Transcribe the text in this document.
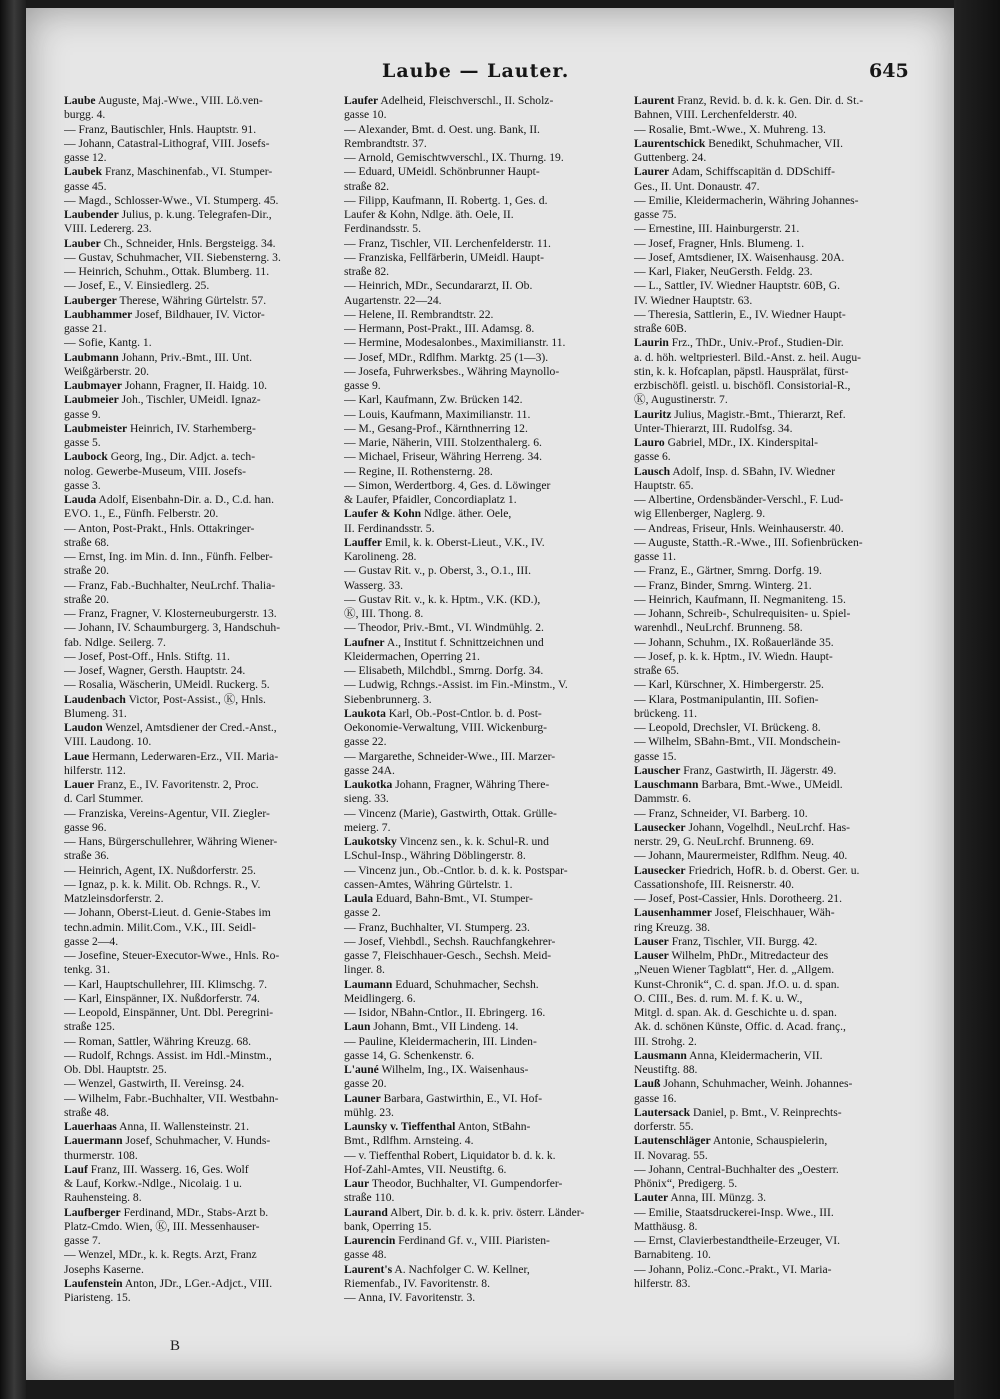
Laube — Lauter.	645
Laube Auguste, Maj.-Wwe., VIII. Lö.ven-
burgg. 4.
— Franz, Bautischler, Hnls. Hauptstr. 91.
— Johann, Catastral-Lithograf, VIII. Josefs-
gasse 12.
Laubek Franz, Maschinenfab., VI. Stumper-
gasse 45.
— Magd., Schlosser-Wwe., VI. Stumperg. 45.
Laubender Julius, p. k.ung. Telegrafen-Dir.,
VIII. Ledererg. 23.
Lauber Ch., Schneider, Hnls. Bergsteigg. 34.
— Gustav, Schuhmacher, VII. Siebensterng. 3.
— Heinrich, Schuhm., Ottak. Blumberg. 11.
— Josef, E., V. Einsiedlerg. 25.
Lauberger Therese, Währing Gürtelstr. 57.
Laubhammer Josef, Bildhauer, IV. Victor-
gasse 21.
— Sofie, Kantg. 1.
Laubmann Johann, Priv.-Bmt., III. Unt.
Weißgärberstr. 20.
Laubmayer Johann, Fragner, II. Haidg. 10.
Laubmeier Joh., Tischler, UMeidl. Ignaz-
gasse 9.
Laubmeister Heinrich, IV. Starhemberg-
gasse 5.
Laubock Georg, Ing., Dir. Adjct. a. tech-
nolog. Gewerbe-Museum, VIII. Josefs-
gasse 3.
Lauda Adolf, Eisenbahn-Dir. a. D., C.d. han.
EVO. 1., E., Fünfh. Felberstr. 20.
— Anton, Post-Prakt., Hnls. Ottakringer-
straße 68.
— Ernst, Ing. im Min. d. Inn., Fünfh. Felber-
straße 20.
— Franz, Fab.-Buchhalter, NeuLrchf. Thalia-
straße 20.
— Franz, Fragner, V. Klosterneuburgerstr. 13.
— Johann, IV. Schaumburgerg. 3, Handschuh-
fab. Ndlge. Seilerg. 7.
— Josef, Post-Off., Hnls. Stiftg. 11.
— Josef, Wagner, Gersth. Hauptstr. 24.
— Rosalia, Wäscherin, UMeidl. Ruckerg. 5.
Laudenbach Victor, Post-Assist., Ⓚ, Hnls.
Blumeng. 31.
Laudon Wenzel, Amtsdiener der Cred.-Anst.,
VIII. Laudong. 10.
Laue Hermann, Lederwaren-Erz., VII. Maria-
hilferstr. 112.
Lauer Franz, E., IV. Favoritenstr. 2, Proc.
d. Carl Stummer.
— Franziska, Vereins-Agentur, VII. Ziegler-
gasse 96.
— Hans, Bürgerschullehrer, Währing Wiener-
straße 36.
— Heinrich, Agent, IX. Nußdorferstr. 25.
— Ignaz, p. k. k. Milit. Ob. Rchngs. R., V.
Matzleinsdorferstr. 2.
— Johann, Oberst-Lieut. d. Genie-Stabes im
techn.admin. Milit.Com., V.K., III. Seidl-
gasse 2—4.
— Josefine, Steuer-Executor-Wwe., Hnls. Ro-
tenkg. 31.
— Karl, Hauptschullehrer, III. Klimschg. 7.
— Karl, Einspänner, IX. Nußdorferstr. 74.
— Leopold, Einspänner, Unt. Dbl. Peregrini-
straße 125.
— Roman, Sattler, Währing Kreuzg. 68.
— Rudolf, Rchngs. Assist. im Hdl.-Minstm.,
Ob. Dbl. Hauptstr. 25.
— Wenzel, Gastwirth, II. Vereinsg. 24.
— Wilhelm, Fabr.-Buchhalter, VII. Westbahn-
straße 48.
Lauerhaas Anna, II. Wallensteinstr. 21.
Lauermann Josef, Schuhmacher, V. Hunds-
thurmerstr. 108.
Lauf Franz, III. Wasserg. 16, Ges. Wolf
& Lauf, Korkw.-Ndlge., Nicolaig. 1 u.
Rauhensteing. 8.
Laufberger Ferdinand, MDr., Stabs-Arzt b.
Platz-Cmdo. Wien, Ⓚ, III. Messenhauser-
gasse 7.
— Wenzel, MDr., k. k. Regts. Arzt, Franz
Josephs Kaserne.
Laufenstein Anton, JDr., LGer.-Adjct., VIII.
Piaristeng. 15.
Laufer Adelheid, Fleischverschl., II. Scholz-
gasse 10.
— Alexander, Bmt. d. Oest. ung. Bank, II.
Rembrandtstr. 37.
— Arnold, Gemischtwverschl., IX. Thurng. 19.
— Eduard, UMeidl. Schönbrunner Haupt-
straße 82.
— Filipp, Kaufmann, II. Robertg. 1, Ges. d.
Laufer & Kohn, Ndlge. äth. Oele, II.
Ferdinandsstr. 5.
— Franz, Tischler, VII. Lerchenfelderstr. 11.
— Franziska, Fellfärberin, UMeidl. Haupt-
straße 82.
— Heinrich, MDr., Secundararzt, II. Ob.
Augartenstr. 22—24.
— Helene, II. Rembrandtstr. 22.
— Hermann, Post-Prakt., III. Adamsg. 8.
— Hermine, Modesalonbes., Maximilianstr. 11.
— Josef, MDr., Rdlfhm. Marktg. 25 (1—3).
— Josefa, Fuhrwerksbes., Währing Maynollo-
gasse 9.
— Karl, Kaufmann, Zw. Brücken 142.
— Louis, Kaufmann, Maximilianstr. 11.
— M., Gesang-Prof., Kärnthnerring 12.
— Marie, Näherin, VIII. Stolzenthalerg. 6.
— Michael, Friseur, Währing Herreng. 34.
— Regine, II. Rothensterng. 28.
— Simon, Werdertborg. 4, Ges. d. Löwinger
& Laufer, Pfaidler, Concordiaplatz 1.
Laufer & Kohn Ndlge. äther. Oele,
II. Ferdinandsstr. 5.
Lauffer Emil, k. k. Oberst-Lieut., V.K., IV.
Karolineng. 28.
— Gustav Rit. v., p. Oberst, 3., O.1., III.
Wasserg. 33.
— Gustav Rit. v., k. k. Hptm., V.K. (KD.),
Ⓚ, III. Thong. 8.
— Theodor, Priv.-Bmt., VI. Windmühlg. 2.
Laufner A., Institut f. Schnittzeichnen und
Kleidermachen, Operring 21.
— Elisabeth, Milchdbl., Smrng. Dorfg. 34.
— Ludwig, Rchngs.-Assist. im Fin.-Minstm., V.
Siebenbrunnerg. 3.
Laukota Karl, Ob.-Post-Cntlor. b. d. Post-
Oekonomie-Verwaltung, VIII. Wickenburg-
gasse 22.
— Margarethe, Schneider-Wwe., III. Marzer-
gasse 24A.
Laukotka Johann, Fragner, Währing There-
sieng. 33.
— Vincenz (Marie), Gastwirth, Ottak. Grülle-
meierg. 7.
Laukotsky Vincenz sen., k. k. Schul-R. und
LSchul-Insp., Währing Döblingerstr. 8.
— Vincenz jun., Ob.-Cntlor. b. d. k. k. Postspar-
cassen-Amtes, Währing Gürtelstr. 1.
Laula Eduard, Bahn-Bmt., VI. Stumper-
gasse 2.
— Franz, Buchhalter, VI. Stumperg. 23.
— Josef, Viehbdl., Sechsh. Rauchfangkehrer-
gasse 7, Fleischhauer-Gesch., Sechsh. Meid-
linger. 8.
Laumann Eduard, Schuhmacher, Sechsh.
Meidlingerg. 6.
— Isidor, NBahn-Cntlor., II. Ebringerg. 16.
Laun Johann, Bmt., VII Lindeng. 14.
— Pauline, Kleidermacherin, III. Linden-
gasse 14, G. Schenkenstr. 6.
L'auné Wilhelm, Ing., IX. Waisenhaus-
gasse 20.
Launer Barbara, Gastwirthin, E., VI. Hof-
mühlg. 23.
Launsky v. Tieffenthal Anton, StBahn-
Bmt., Rdlfhm. Arnsteing. 4.
— v. Tieffenthal Robert, Liquidator b. d. k. k.
Hof-Zahl-Amtes, VII. Neustiftg. 6.
Laur Theodor, Buchhalter, VI. Gumpendorfer-
straße 110.
Laurand Albert, Dir. b. d. k. k. priv. österr. Länder-
bank, Operring 15.
Laurencin Ferdinand Gf. v., VIII. Piaristen-
gasse 48.
Laurent's A. Nachfolger C. W. Kellner,
Riemenfab., IV. Favoritenstr. 8.
— Anna, IV. Favoritenstr. 3.
Laurent Franz, Revid. b. d. k. k. Gen. Dir. d. St.-
Bahnen, VIII. Lerchenfelderstr. 40.
— Rosalie, Bmt.-Wwe., X. Muhreng. 13.
Laurentschick Benedikt, Schuhmacher, VII.
Guttenberg. 24.
Laurer Adam, Schiffscapitän d. DDSchiff-
Ges., II. Unt. Donaustr. 47.
— Emilie, Kleidermacherin, Währing Johannes-
gasse 75.
— Ernestine, III. Hainburgerstr. 21.
— Josef, Fragner, Hnls. Blumeng. 1.
— Josef, Amtsdiener, IX. Waisenhausg. 20A.
— Karl, Fiaker, NeuGersth. Feldg. 23.
— L., Sattler, IV. Wiedner Hauptstr. 60B, G.
IV. Wiedner Hauptstr. 63.
— Theresia, Sattlerin, E., IV. Wiedner Haupt-
straße 60B.
Laurin Frz., ThDr., Univ.-Prof., Studien-Dir.
a. d. höh. weltpriesterl. Bild.-Anst. z. heil. Augu-
stin, k. k. Hofcaplan, päpstl. Hausprälat, fürst-
erzbischöfl. geistl. u. bischöfl. Consistorial-R.,
Ⓚ, Augustinerstr. 7.
Lauritz Julius, Magistr.-Bmt., Thierarzt, Ref.
Unter-Thierarzt, III. Rudolfsg. 34.
Lauro Gabriel, MDr., IX. Kinderspital-
gasse 6.
Lausch Adolf, Insp. d. SBahn, IV. Wiedner
Hauptstr. 65.
— Albertine, Ordensbänder-Verschl., F. Lud-
wig Ellenberger, Naglerg. 9.
— Andreas, Friseur, Hnls. Weinhauserstr. 40.
— Auguste, Statth.-R.-Wwe., III. Sofienbrücken-
gasse 11.
— Franz, E., Gärtner, Smrng. Dorfg. 19.
— Franz, Binder, Smrng. Winterg. 21.
— Heinrich, Kaufmann, II. Negmaniteng. 15.
— Johann, Schreib-, Schulrequisiten- u. Spiel-
warenhdl., NeuLrchf. Brunneng. 58.
— Johann, Schuhm., IX. Roßauerlände 35.
— Josef, p. k. k. Hptm., IV. Wiedn. Haupt-
straße 65.
— Karl, Kürschner, X. Himbergerstr. 25.
— Klara, Postmanipulantin, III. Sofien-
brückeng. 11.
— Leopold, Drechsler, VI. Brückeng. 8.
— Wilhelm, SBahn-Bmt., VII. Mondschein-
gasse 15.
Lauscher Franz, Gastwirth, II. Jägerstr. 49.
Lauschmann Barbara, Bmt.-Wwe., UMeidl.
Dammstr. 6.
— Franz, Schneider, VI. Barberg. 10.
Lausecker Johann, Vogelhdl., NeuLrchf. Has-
nerstr. 29, G. NeuLrchf. Brunneng. 69.
— Johann, Maurermeister, Rdlfhm. Neug. 40.
Lausecker Friedrich, HofR. b. d. Oberst. Ger. u.
Cassationshofe, III. Reisnerstr. 40.
— Josef, Post-Cassier, Hnls. Dorotheerg. 21.
Lausenhammer Josef, Fleischhauer, Wäh-
ring Kreuzg. 38.
Lauser Franz, Tischler, VII. Burgg. 42.
Lauser Wilhelm, PhDr., Mitredacteur des
„Neuen Wiener Tagblatt“, Her. d. „Allgem.
Kunst-Chronik“, C. d. span. Jf.O. u. d. span.
O. CIII., Bes. d. rum. M. f. K. u. W.,
Mitgl. d. span. Ak. d. Geschichte u. d. span.
Ak. d. schönen Künste, Offic. d. Acad. franç.,
III. Strohg. 2.
Lausmann Anna, Kleidermacherin, VII.
Neustiftg. 88.
Lauß Johann, Schuhmacher, Weinh. Johannes-
gasse 16.
Lautersack Daniel, p. Bmt., V. Reinprechts-
dorferstr. 55.
Lautenschläger Antonie, Schauspielerin,
II. Novarag. 55.
— Johann, Central-Buchhalter des „Oesterr.
Phönix“, Predigerg. 5.
Lauter Anna, III. Münzg. 3.
— Emilie, Staatsdruckerei-Insp. Wwe., III.
Matthäusg. 8.
— Ernst, Clavierbestandtheile-Erzeuger, VI.
Barnabiteng. 10.
— Johann, Poliz.-Conc.-Prakt., VI. Maria-
hilferstr. 83.
B
